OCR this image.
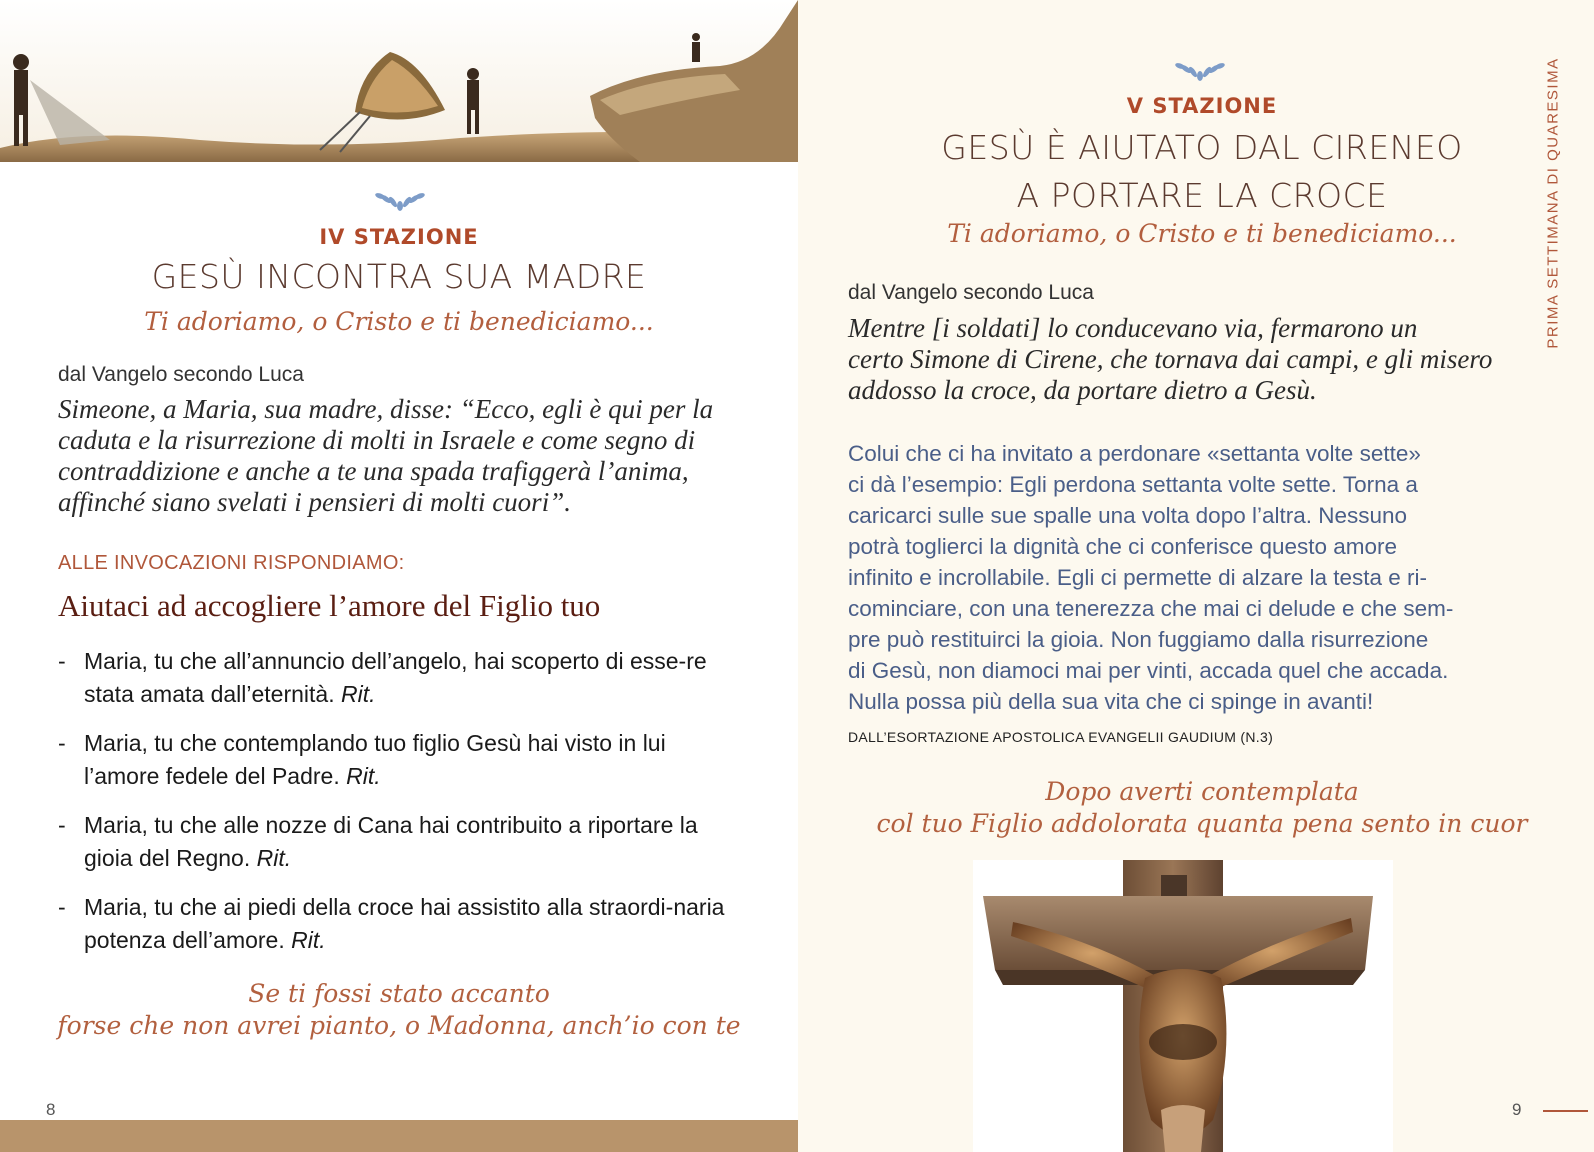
IV STAZIONE
GESÙ INCONTRA SUA MADRE
Ti adoriamo, o Cristo e ti benediciamo...
dal Vangelo secondo Luca
Simeone, a Maria, sua madre, disse: “Ecco, egli è qui per la
caduta e la risurrezione di molti in Israele e come segno di
contraddizione e anche a te una spada trafiggerà l’anima,
affinché siano svelati i pensieri di molti cuori”.
ALLE INVOCAZIONI RISPONDIAMO:
Aiutaci ad accogliere l’amore del Figlio tuo
- Maria, tu che all’annuncio dell’angelo, hai scoperto di esse-re stata amata dall’eternità. Rit.
- Maria, tu che contemplando tuo figlio Gesù hai visto in lui l’amore fedele del Padre. Rit.
- Maria, tu che alle nozze di Cana hai contribuito a riportare la gioia del Regno. Rit.
- Maria, tu che ai piedi della croce hai assistito alla straordi-naria potenza dell’amore. Rit.
Se ti fossi stato accanto
forse che non avrei pianto, o Madonna, anch’io con te
8
V STAZIONE
GESÙ È AIUTATO DAL CIRENEO
A PORTARE LA CROCE
Ti adoriamo, o Cristo e ti benediciamo...
dal Vangelo secondo Luca
Mentre [i soldati] lo conducevano via, fermarono un
certo Simone di Cirene, che tornava dai campi, e gli misero
addosso la croce, da portare dietro a Gesù.
Colui che ci ha invitato a perdonare «settanta volte sette»
ci dà l’esempio: Egli perdona settanta volte sette. Torna a
caricarci sulle sue spalle una volta dopo l’altra. Nessuno
potrà toglierci la dignità che ci conferisce questo amore
infinito e incrollabile. Egli ci permette di alzare la testa e ri-
cominciare, con una tenerezza che mai ci delude e che sem-
pre può restituirci la gioia. Non fuggiamo dalla risurrezione
di Gesù, non diamoci mai per vinti, accada quel che accada.
Nulla possa più della sua vita che ci spinge in avanti!
DALL’ESORTAZIONE APOSTOLICA EVANGELII GAUDIUM (N.3)
Dopo averti contemplata
col tuo Figlio addolorata quanta pena sento in cuor
PRIMA SETTIMANA DI QUARESIMA
9
